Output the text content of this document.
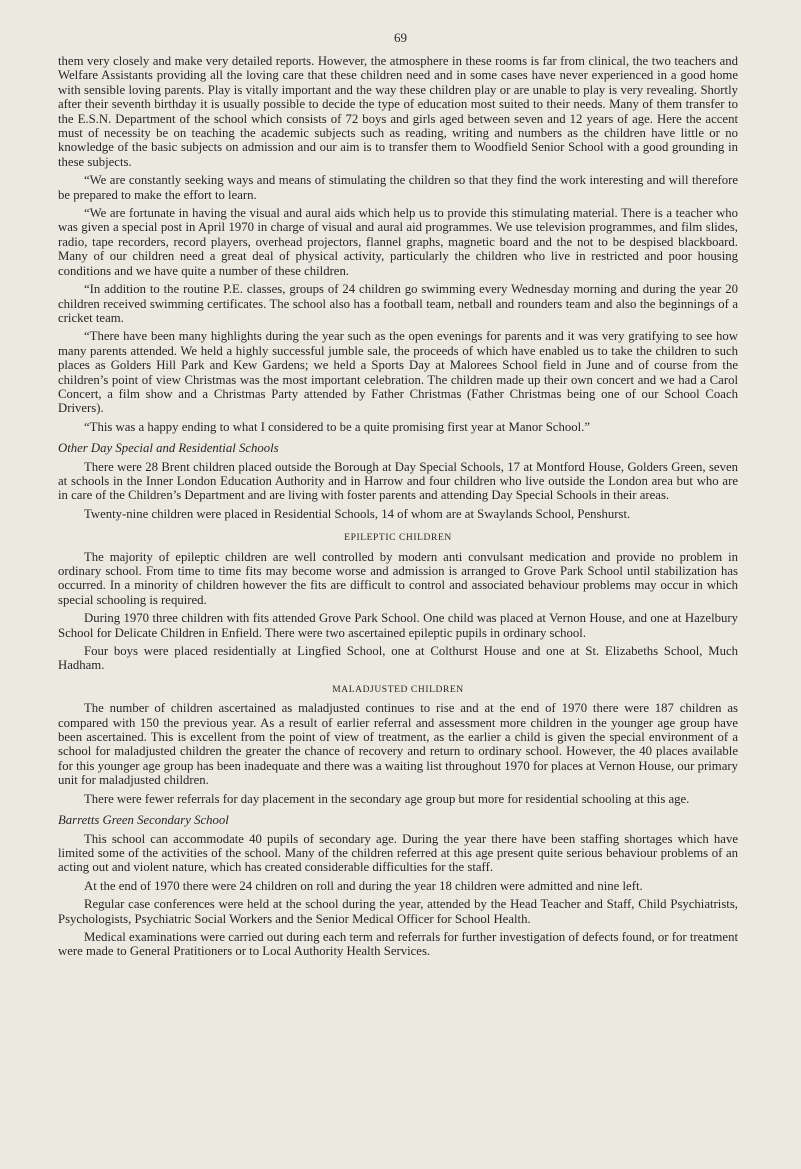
69

them very closely and make very detailed reports. However, the atmosphere in these rooms is far from clinical, the two teachers and Welfare Assistants providing all the loving care that these children need and in some cases have never experienced in a good home with sensible loving parents. Play is vitally important and the way these children play or are unable to play is very revealing. Shortly after their seventh birthday it is usually possible to decide the type of education most suited to their needs. Many of them transfer to the E.S.N. Department of the school which consists of 72 boys and girls aged between seven and 12 years of age. Here the accent must of necessity be on teaching the academic subjects such as reading, writing and numbers as the children have little or no knowledge of the basic subjects on admission and our aim is to transfer them to Woodfield Senior School with a good grounding in these subjects.

“We are constantly seeking ways and means of stimulating the children so that they find the work interesting and will therefore be prepared to make the effort to learn.

“We are fortunate in having the visual and aural aids which help us to provide this stimulating material. There is a teacher who was given a special post in April 1970 in charge of visual and aural aid programmes. We use television programmes, and film slides, radio, tape recorders, record players, overhead projectors, flannel graphs, magnetic board and the not to be despised blackboard. Many of our children need a great deal of physical activity, particularly the children who live in restricted and poor housing conditions and we have quite a number of these children.

“In addition to the routine P.E. classes, groups of 24 children go swimming every Wednesday morning and during the year 20 children received swimming certificates. The school also has a football team, netball and rounders team and also the beginnings of a cricket team.

“There have been many highlights during the year such as the open evenings for parents and it was very gratifying to see how many parents attended. We held a highly successful jumble sale, the proceeds of which have enabled us to take the children to such places as Golders Hill Park and Kew Gardens; we held a Sports Day at Malorees School field in June and of course from the children’s point of view Christmas was the most important celebration. The children made up their own concert and we had a Carol Concert, a film show and a Christmas Party attended by Father Christmas (Father Christmas being one of our School Coach Drivers).

“This was a happy ending to what I considered to be a quite promising first year at Manor School.”

Other Day Special and Residential Schools

There were 28 Brent children placed outside the Borough at Day Special Schools, 17 at Montford House, Golders Green, seven at schools in the Inner London Education Authority and in Harrow and four children who live outside the London area but who are in care of the Children’s Department and are living with foster parents and attending Day Special Schools in their areas.

Twenty-nine children were placed in Residential Schools, 14 of whom are at Swaylands School, Penshurst.

EPILEPTIC CHILDREN

The majority of epileptic children are well controlled by modern anti convulsant medication and provide no problem in ordinary school. From time to time fits may become worse and admission is arranged to Grove Park School until stabilization has occurred. In a minority of children however the fits are difficult to control and associated behaviour problems may occur in which special schooling is required.

During 1970 three children with fits attended Grove Park School. One child was placed at Vernon House, and one at Hazelbury School for Delicate Children in Enfield. There were two ascertained epileptic pupils in ordinary school.

Four boys were placed residentially at Lingfied School, one at Colthurst House and one at St. Elizabeths School, Much Hadham.

MALADJUSTED CHILDREN

The number of children ascertained as maladjusted continues to rise and at the end of 1970 there were 187 children as compared with 150 the previous year. As a result of earlier referral and assessment more children in the younger age group have been ascertained. This is excellent from the point of view of treatment, as the earlier a child is given the special environment of a school for maladjusted children the greater the chance of recovery and return to ordinary school. However, the 40 places available for this younger age group has been inadequate and there was a waiting list throughout 1970 for places at Vernon House, our primary unit for maladjusted children.

There were fewer referrals for day placement in the secondary age group but more for residential schooling at this age.

Barretts Green Secondary School

This school can accommodate 40 pupils of secondary age. During the year there have been staffing shortages which have limited some of the activities of the school. Many of the children referred at this age present quite serious behaviour problems of an acting out and violent nature, which has created considerable difficulties for the staff.

At the end of 1970 there were 24 children on roll and during the year 18 children were admitted and nine left.

Regular case conferences were held at the school during the year, attended by the Head Teacher and Staff, Child Psychiatrists, Psychologists, Psychiatric Social Workers and the Senior Medical Officer for School Health.

Medical examinations were carried out during each term and referrals for further investigation of defects found, or for treatment were made to General Pratitioners or to Local Authority Health Services.
